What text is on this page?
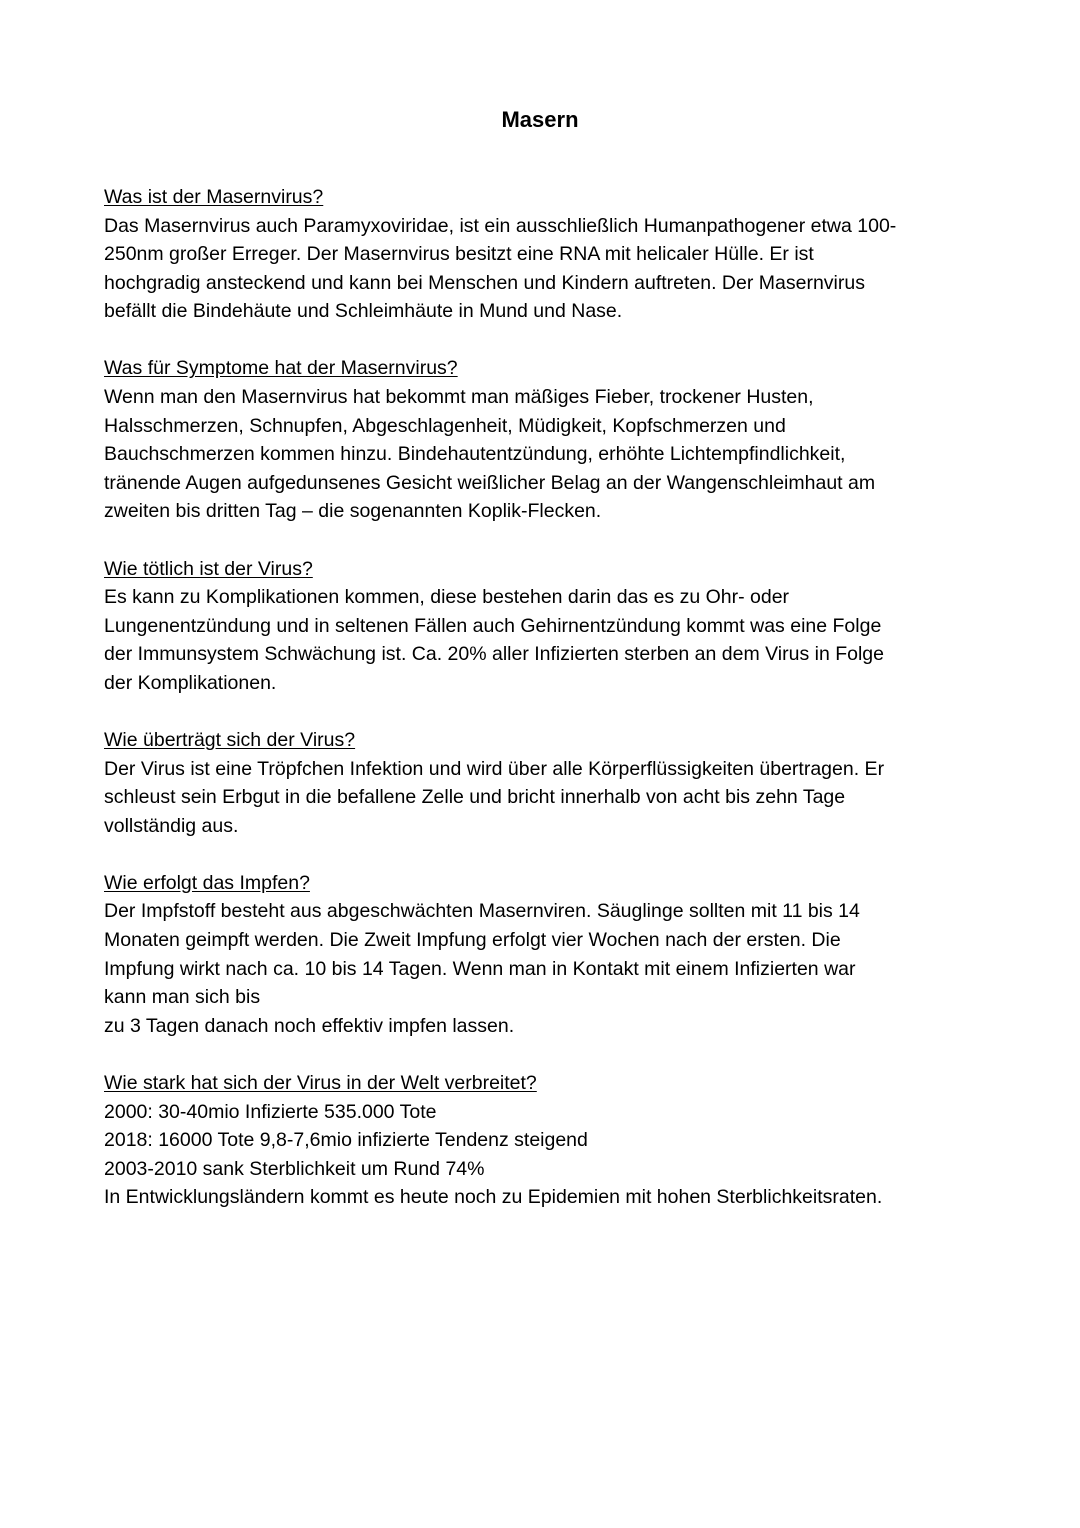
Masern

Was ist der Masernvirus?

Das Masernvirus auch Paramyxoviridae, ist ein ausschließlich Humanpathogener etwa 100-

250nm großer Erreger. Der Masernvirus besitzt eine RNA mit helicaler Hülle. Er ist

hochgradig ansteckend und kann bei Menschen und Kindern auftreten. Der Masernvirus

befällt die Bindehäute und Schleimhäute in Mund und Nase.

Was für Symptome hat der Masernvirus?

Wenn man den Masernvirus hat bekommt man mäßiges Fieber, trockener Husten,

Halsschmerzen, Schnupfen, Abgeschlagenheit, Müdigkeit, Kopfschmerzen und

Bauchschmerzen kommen hinzu. Bindehautentzündung, erhöhte Lichtempfindlichkeit,

tränende Augen aufgedunsenes Gesicht weißlicher Belag an der Wangenschleimhaut am

zweiten bis dritten Tag – die sogenannten Koplik-Flecken.

Wie tötlich ist der Virus?

Es kann zu Komplikationen kommen, diese bestehen darin das es zu Ohr- oder

Lungenentzündung und in seltenen Fällen auch Gehirnentzündung kommt was eine Folge

der Immunsystem Schwächung ist. Ca. 20% aller Infizierten sterben an dem Virus in Folge

der Komplikationen.

Wie überträgt sich der Virus?

Der Virus ist eine Tröpfchen Infektion und wird über alle Körperflüssigkeiten übertragen. Er

schleust sein Erbgut in die befallene Zelle und bricht innerhalb von acht bis zehn Tage

vollständig aus.

Wie erfolgt das Impfen?

Der Impfstoff besteht aus abgeschwächten Masernviren. Säuglinge sollten mit 11 bis 14

Monaten geimpft werden. Die Zweit Impfung erfolgt vier Wochen nach der ersten. Die

Impfung wirkt nach ca. 10 bis 14 Tagen. Wenn man in Kontakt mit einem Infizierten war

kann man sich bis

zu 3 Tagen danach noch effektiv impfen lassen.

Wie stark hat sich der Virus in der Welt verbreitet?

2000: 30-40mio Infizierte 535.000 Tote

2018: 16000 Tote 9,8-7,6mio infizierte Tendenz steigend

2003-2010 sank Sterblichkeit um Rund 74%

In Entwicklungsländern kommt es heute noch zu Epidemien mit hohen Sterblichkeitsraten.
